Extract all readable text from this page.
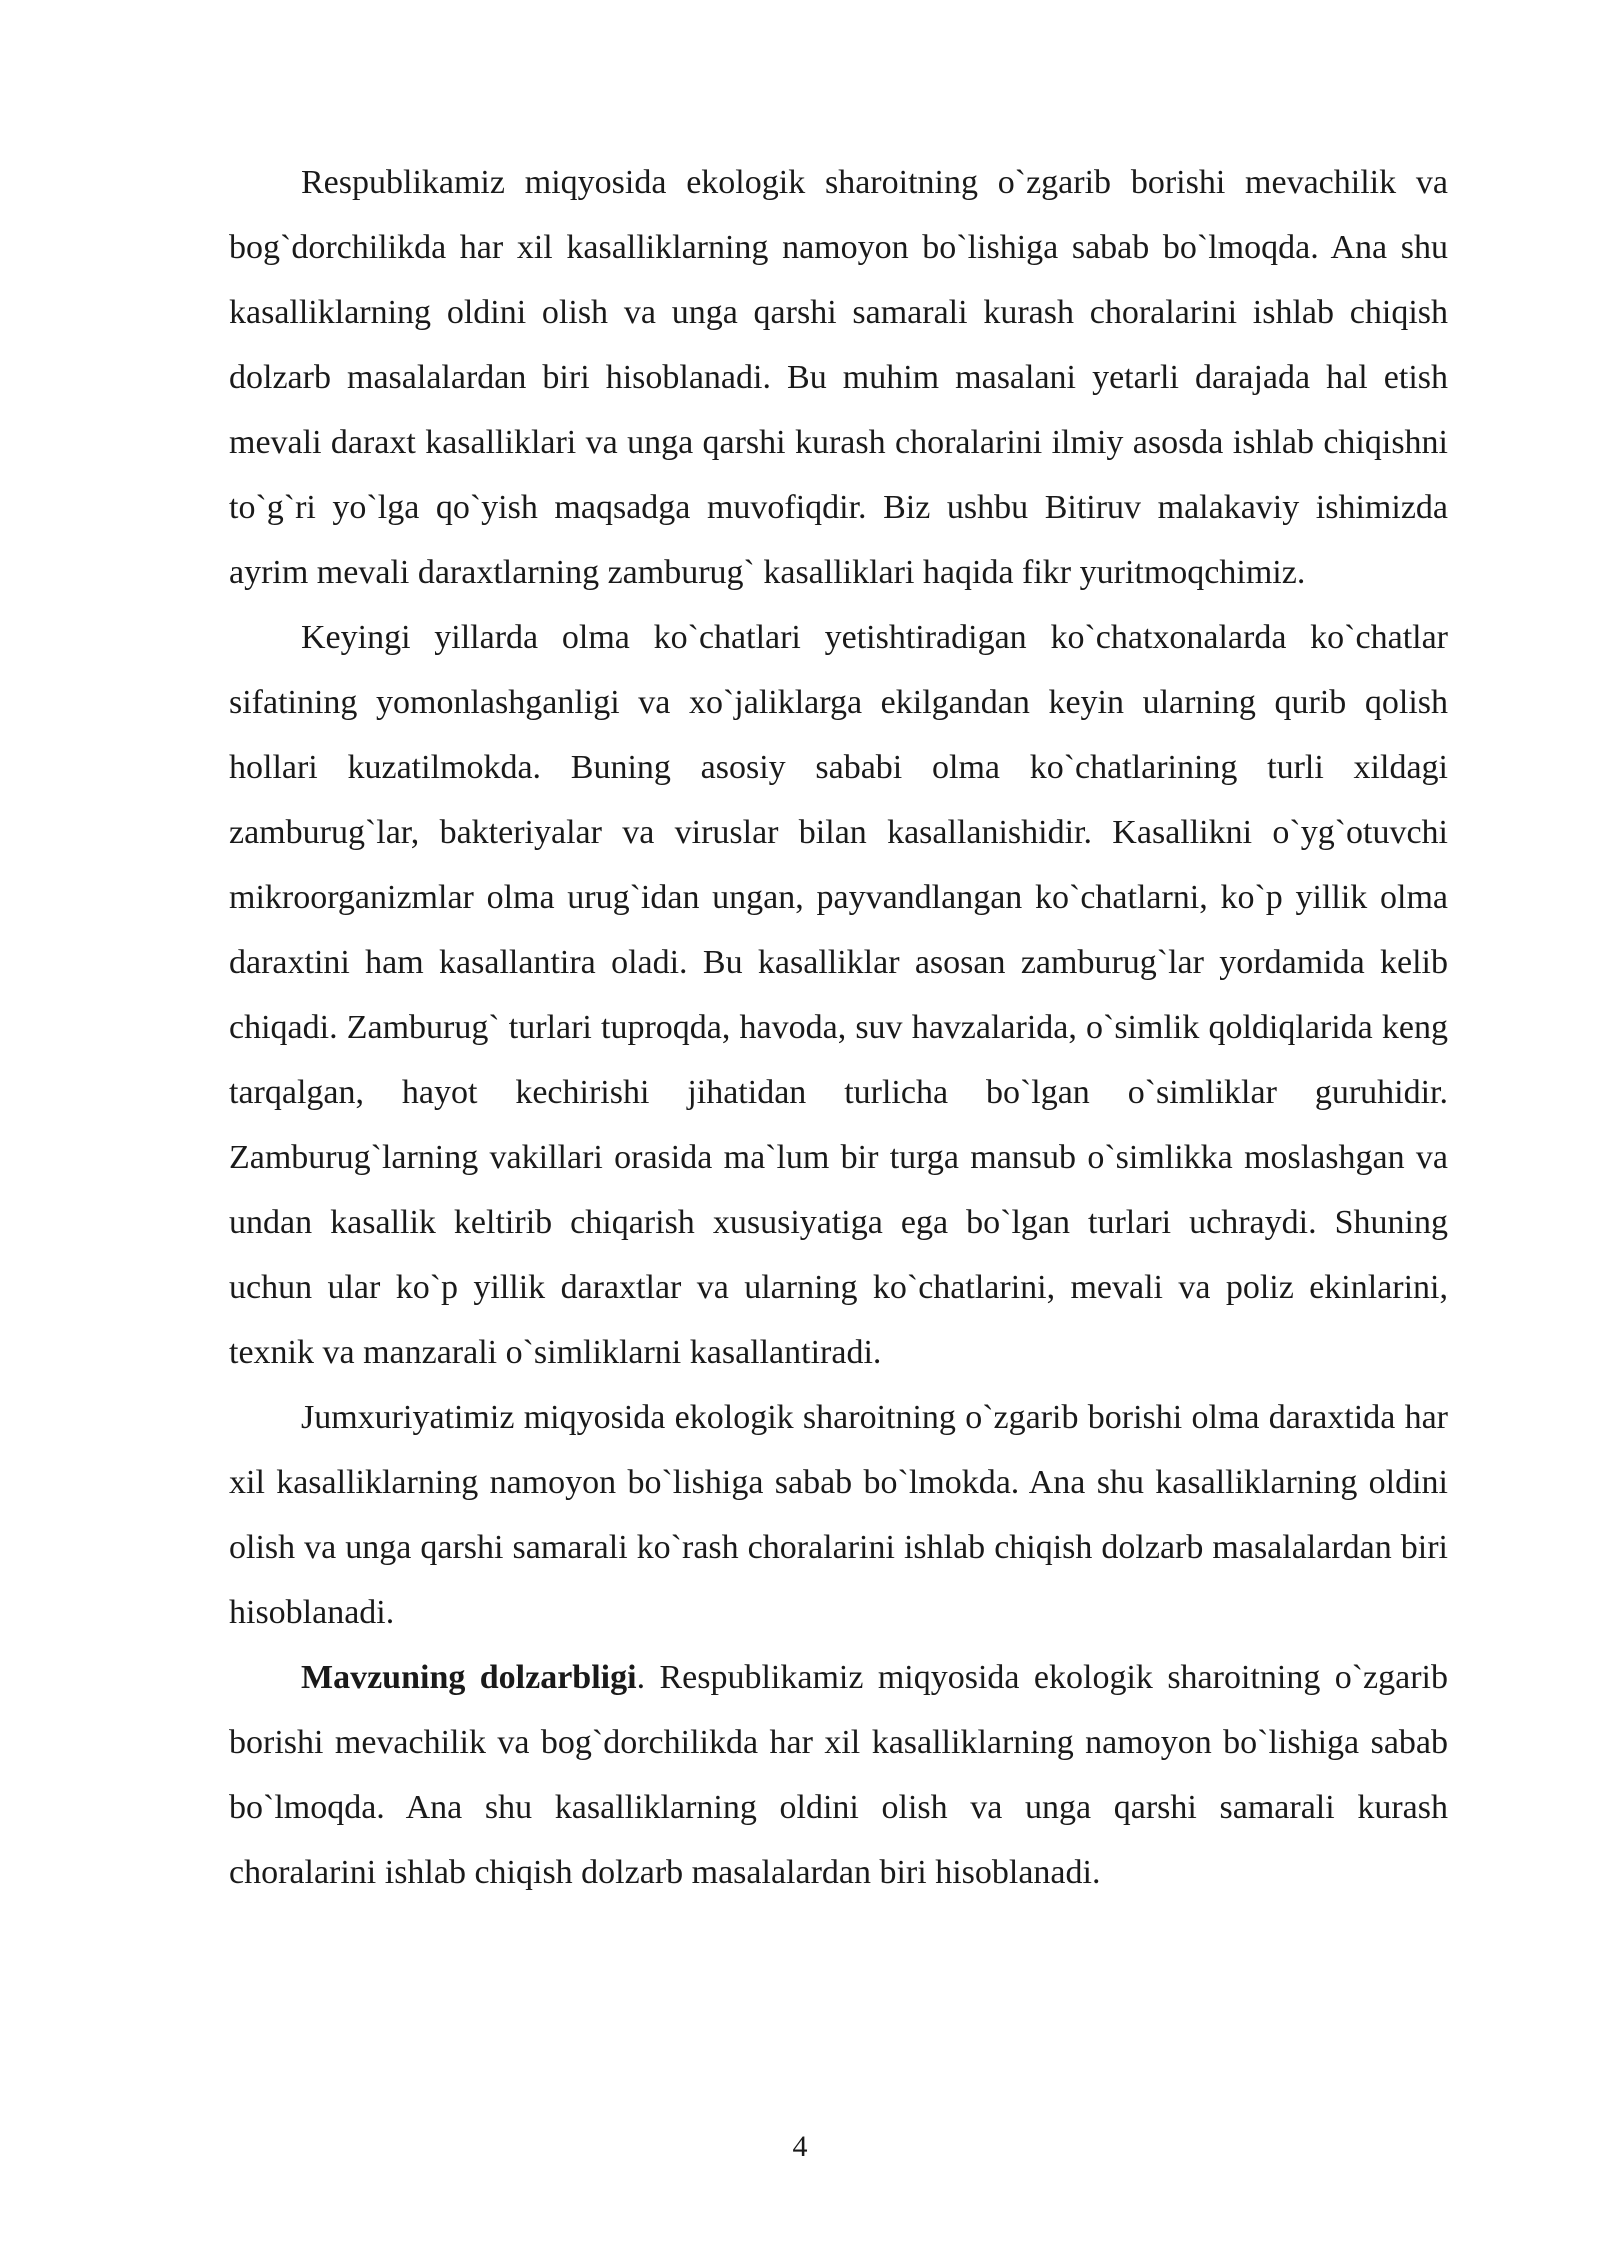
Respublikamiz miqyosida ekologik sharoitning o`zgarib borishi mevachilik va bog`dorchilikda har xil kasalliklarning namoyon bo`lishiga sabab bo`lmoqda. Ana shu kasalliklarning oldini olish va unga qarshi samarali kurash choralarini ishlab chiqish dolzarb masalalardan biri hisoblanadi. Bu muhim masalani yetarli darajada hal etish mevali daraxt kasalliklari va unga qarshi kurash choralarini ilmiy asosda ishlab chiqishni to`g`ri yo`lga qo`yish maqsadga muvofiqdir. Biz ushbu Bitiruv malakaviy ishimizda ayrim mevali daraxtlarning zamburug` kasalliklari haqida fikr yuritmoqchimiz.

Keyingi yillarda olma ko`chatlari yetishtiradigan ko`chatxonalarda ko`chatlar sifatining yomonlashganligi va xo`jaliklarga ekilgandan keyin ularning qurib qolish hollari kuzatilmokda. Buning asosiy sababi olma ko`chatlarining turli xildagi zamburug`lar, bakteriyalar va viruslar bilan kasallanishidir. Kasallikni o`yg`otuvchi mikroorganizmlar olma urug`idan ungan, payvandlangan ko`chatlarni, ko`p yillik olma daraxtini ham kasallantira oladi. Bu kasalliklar asosan zamburug`lar yordamida kelib chiqadi. Zamburug` turlari tuproqda, havoda, suv havzalarida, o`simlik qoldiqlarida keng tarqalgan, hayot kechirishi jihatidan turlicha bo`lgan o`simliklar guruhidir. Zamburug`larning vakillari orasida ma`lum bir turga mansub o`simlikka moslashgan va undan kasallik keltirib chiqarish xususiyatiga ega bo`lgan turlari uchraydi. Shuning uchun ular ko`p yillik daraxtlar va ularning ko`chatlarini, mevali va poliz ekinlarini, texnik va manzarali o`simliklarni kasallantiradi.

Jumxuriyatimiz miqyosida ekologik sharoitning o`zgarib borishi olma daraxtida har xil kasalliklarning namoyon bo`lishiga sabab bo`lmokda. Ana shu kasalliklarning oldini olish va unga qarshi samarali ko`rash choralarini ishlab chiqish dolzarb masalalardan biri hisoblanadi.

Mavzuning dolzarbligi. Respublikamiz miqyosida ekologik sharoitning o`zgarib borishi mevachilik va bog`dorchilikda har xil kasalliklarning namoyon bo`lishiga sabab bo`lmoqda. Ana shu kasalliklarning oldini olish va unga qarshi samarali kurash choralarini ishlab chiqish dolzarb masalalardan biri hisoblanadi.

4
